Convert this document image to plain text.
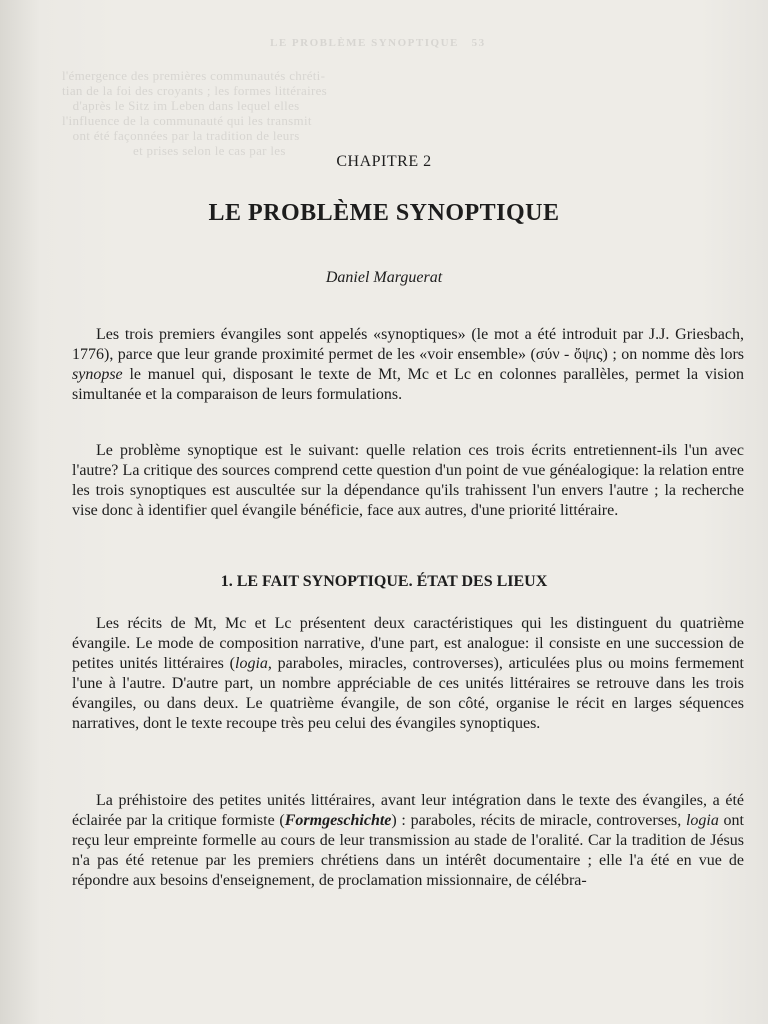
LE PROBLÈME SYNOPTIQUE   53
l'émergence des premières communautés chréti-
tian de la foi des croyants ; les formes littéraires
d'après le Sitz im Leben dans lequel elles
l'influence de la communauté qui les transmit
ont été façonnées par la tradition de leurs
et prises selon le cas par les
CHAPITRE 2
LE PROBLÈME SYNOPTIQUE
Daniel Marguerat

Les trois premiers évangiles sont appelés «synoptiques» (le mot a été introduit par J.J. Griesbach, 1776), parce que leur grande proximité permet de les «voir ensemble» (σύν - ὄψις) ; on nomme dès lors synopse le manuel qui, disposant le texte de Mt, Mc et Lc en colonnes parallèles, permet la vision simultanée et la comparaison de leurs formulations.

Le problème synoptique est le suivant: quelle relation ces trois écrits entretiennent-ils l'un avec l'autre? La critique des sources comprend cette question d'un point de vue généalogique: la relation entre les trois synoptiques est auscultée sur la dépendance qu'ils trahissent l'un envers l'autre ; la recherche vise donc à identifier quel évangile bénéficie, face aux autres, d'une priorité littéraire.

1. LE FAIT SYNOPTIQUE. ÉTAT DES LIEUX

Les récits de Mt, Mc et Lc présentent deux caractéristiques qui les distinguent du quatrième évangile. Le mode de composition narrative, d'une part, est analogue: il consiste en une succession de petites unités littéraires (logia, paraboles, miracles, controverses), articulées plus ou moins fermement l'une à l'autre. D'autre part, un nombre appréciable de ces unités littéraires se retrouve dans les trois évangiles, ou dans deux. Le quatrième évangile, de son côté, organise le récit en larges séquences narratives, dont le texte recoupe très peu celui des évangiles synoptiques.

La préhistoire des petites unités littéraires, avant leur intégration dans le texte des évangiles, a été éclairée par la critique formiste (Formgeschichte) : paraboles, récits de miracle, controverses, logia ont reçu leur empreinte formelle au cours de leur transmission au stade de l'oralité. Car la tradition de Jésus n'a pas été retenue par les premiers chrétiens dans un intérêt documentaire ; elle l'a été en vue de répondre aux besoins d'enseignement, de proclamation missionnaire, de célébra-
